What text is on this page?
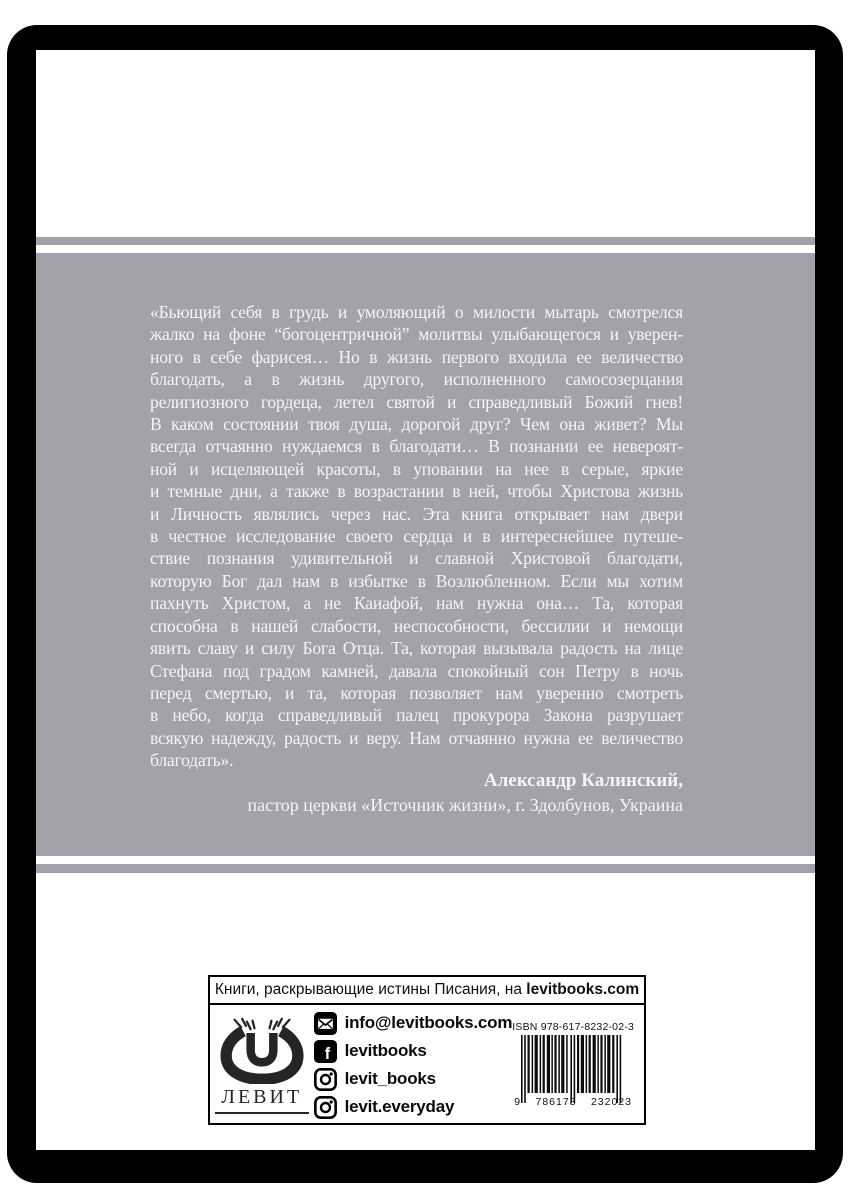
«Бьющий себя в грудь и умоляющий о милости мытарь смотрелся
жалко на фоне “богоцентричной” молитвы улыбающегося и уверен-
ного в себе фарисея… Но в жизнь первого входила ее величество
благодать, а в жизнь другого, исполненного самосозерцания
религиозного гордеца, летел святой и справедливый Божий гнев!
В каком состоянии твоя душа, дорогой друг? Чем она живет? Мы
всегда отчаянно нуждаемся в благодати… В познании ее невероят-
ной и исцеляющей красоты, в уповании на нее в серые, яркие
и темные дни, а также в возрастании в ней, чтобы Христова жизнь
и Личность являлись через нас. Эта книга открывает нам двери
в честное исследование своего сердца и в интереснейшее путеше-
ствие познания удивительной и славной Христовой благодати,
которую Бог дал нам в избытке в Возлюбленном. Если мы хотим
пахнуть Христом, а не Каиафой, нам нужна она… Та, которая
способна в нашей слабости, неспособности, бессилии и немощи
явить славу и силу Бога Отца. Та, которая вызывала радость на лице
Стефана под градом камней, давала спокойный сон Петру в ночь
перед смертью, и та, которая позволяет нам уверенно смотреть
в небо, когда справедливый палец прокурора Закона разрушает
всякую надежду, радость и веру. Нам отчаянно нужна ее величество
благодать».
Александр Калинский,
пастор церкви «Источник жизни», г. Здолбунов, Украина
Книги, раскрывающие истины Писания, на levitbooks.com
ЛЕВИТ
info@levitbooks.com
f levitbooks
levit_books
levit.everyday
ISBN 978-617-8232-02-3
9 786178 232023
